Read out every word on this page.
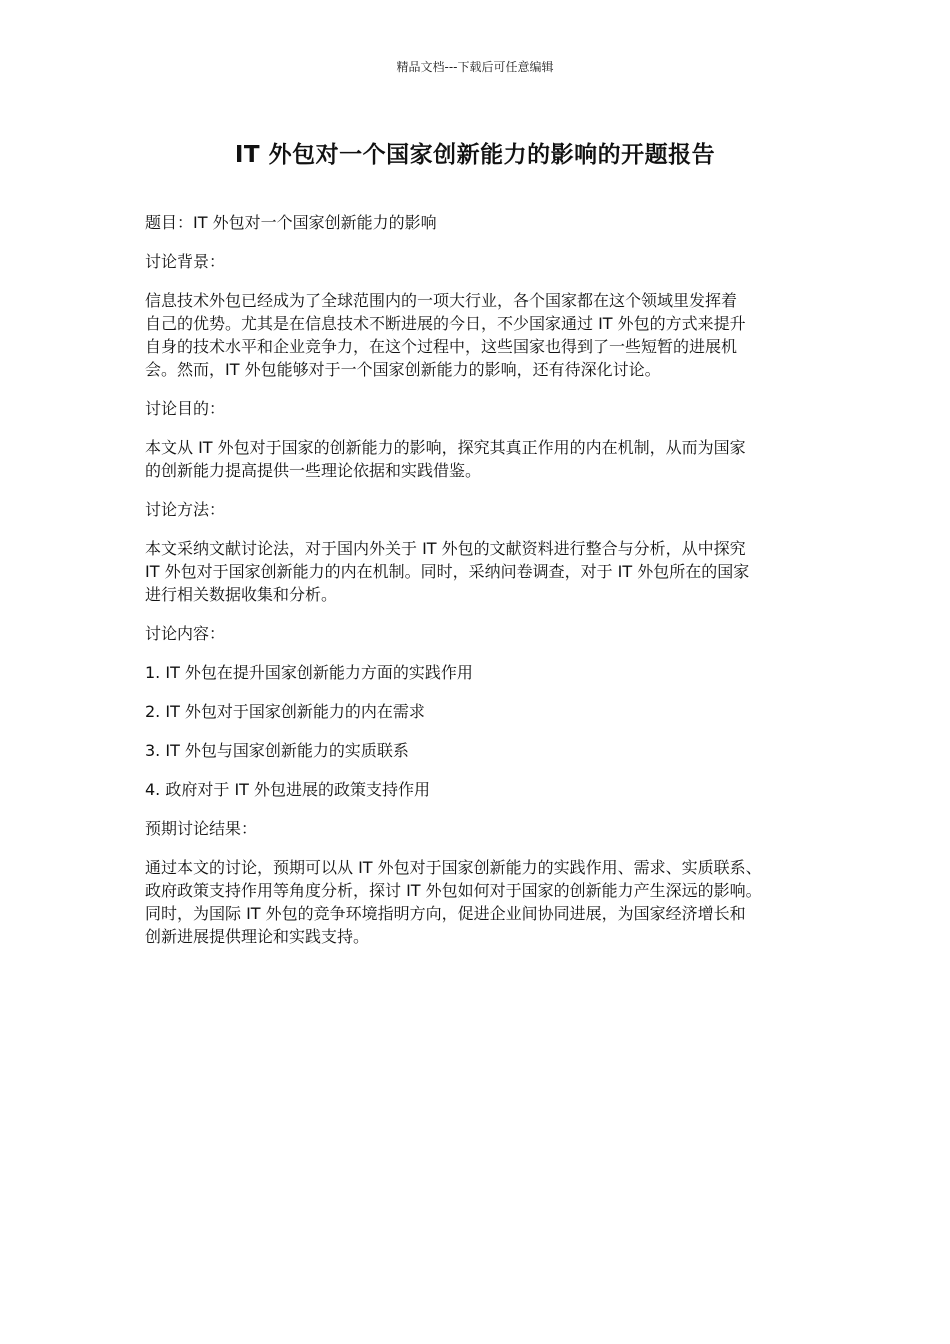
精品文档---下载后可任意编辑
IT 外包对一个国家创新能力的影响的开题报告

题目：IT 外包对一个国家创新能力的影响

讨论背景：

信息技术外包已经成为了全球范围内的一项大行业，各个国家都在这个领域里发挥着
自己的优势。尤其是在信息技术不断进展的今日，不少国家通过 IT 外包的方式来提升
自身的技术水平和企业竞争力，在这个过程中，这些国家也得到了一些短暂的进展机
会。然而，IT 外包能够对于一个国家创新能力的影响，还有待深化讨论。

讨论目的：

本文从 IT 外包对于国家的创新能力的影响，探究其真正作用的内在机制，从而为国家
的创新能力提高提供一些理论依据和实践借鉴。

讨论方法：

本文采纳文献讨论法，对于国内外关于 IT 外包的文献资料进行整合与分析，从中探究
IT 外包对于国家创新能力的内在机制。同时，采纳问卷调查，对于 IT 外包所在的国家
进行相关数据收集和分析。

讨论内容：

1. IT 外包在提升国家创新能力方面的实践作用

2. IT 外包对于国家创新能力的内在需求

3. IT 外包与国家创新能力的实质联系

4. 政府对于 IT 外包进展的政策支持作用

预期讨论结果：

通过本文的讨论，预期可以从 IT 外包对于国家创新能力的实践作用、需求、实质联系、
政府政策支持作用等角度分析，探讨 IT 外包如何对于国家的创新能力产生深远的影响。
同时，为国际 IT 外包的竞争环境指明方向，促进企业间协同进展，为国家经济增长和
创新进展提供理论和实践支持。
